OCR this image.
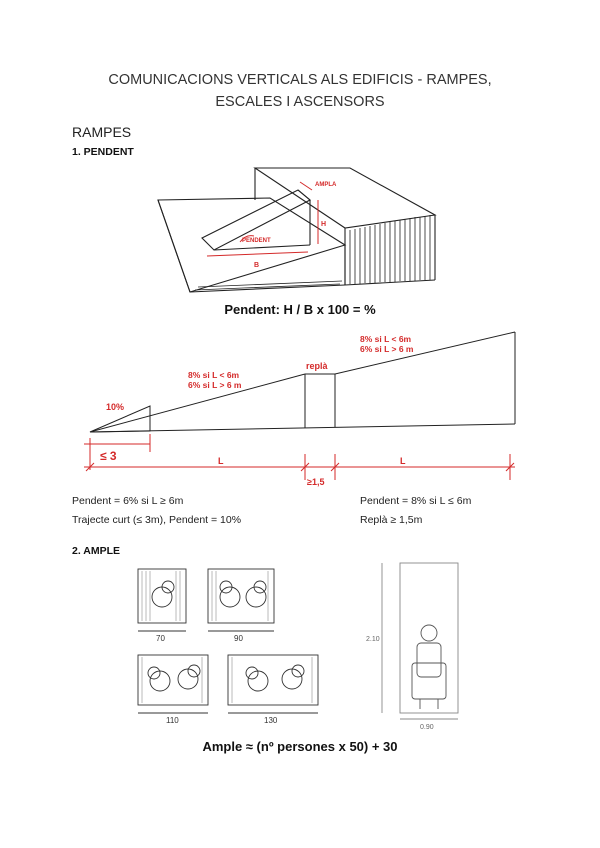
COMUNICACIONS VERTICALS ALS EDIFICIS - RAMPES,
ESCALES I ASCENSORS
RAMPES
1. PENDENT
AMPLA
H
PENDENT
B
Pendent: H / B x 100 = %
10%
8% si L < 6m
6% si L > 6 m
8% si L < 6m
6% si L > 6 m
replà
≤ 3	L
≥1,5
L
Pendent = 6% si L ≥ 6m
Trajecte curt (≤ 3m), Pendent = 10%
Pendent = 8% si L ≤ 6m
Replà ≥ 1,5m
2. AMPLE
70	90
110	130
2.10
0.90
Ample ≈ (nº persones x 50) + 30
